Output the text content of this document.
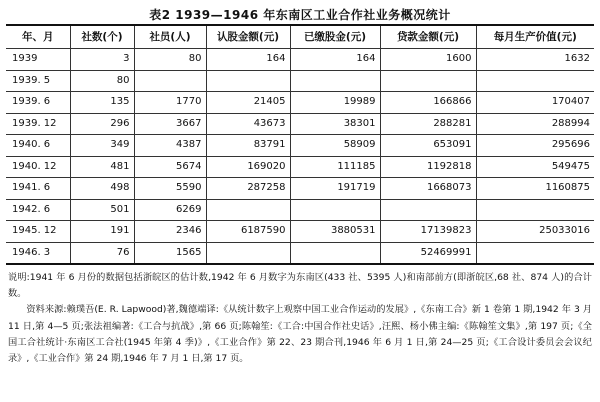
表2 1939—1946 年东南区工业合作社业务概况统计
年、月	社数(个)	社员(人)	认股金额(元)	已缴股金(元)	贷款金额(元)	每月生产价值(元)
1939	3	80	164	164	1600	1632
1939. 5	80					
1939. 6	135	1770	21405	19989	166866	170407
1939. 12	296	3667	43673	38301	288281	288994
1940. 6	349	4387	83791	58909	653091	295696
1940. 12	481	5674	169020	111185	1192818	549475
1941. 6	498	5590	287258	191719	1668073	1160875
1942. 6	501	6269				
1945. 12	191	2346	6187590	3880531	17139823	25033016
1946. 3	76	1565			52469991	

说明:1941 年 6 月份的数据包括浙皖区的估计数,1942 年 6 月数字为东南区(433 社、5395 人)和南部前方(即浙皖区,68 社、874 人)的合计数。

资料来源:赖璞吾(E. R. Lapwood)著,魏德端译:《从统计数字上观察中国工业合作运动的发展》,《东南工合》新 1 卷第 1 期,1942 年 3 月 11 日,第 4—5 页;张法祖编著:《工合与抗战》,第 66 页;陈翰笙:《工合:中国合作社史话》,汪熙、杨小佛主编:《陈翰笙文集》,第 197 页;《全国工合社统计·东南区工合社(1945 年第 4 季)》,《工业合作》第 22、23 期合刊,1946 年 6 月 1 日,第 24—25 页;《工合设计委员会会议纪录》,《工业合作》第 24 期,1946 年 7 月 1 日,第 17 页。
